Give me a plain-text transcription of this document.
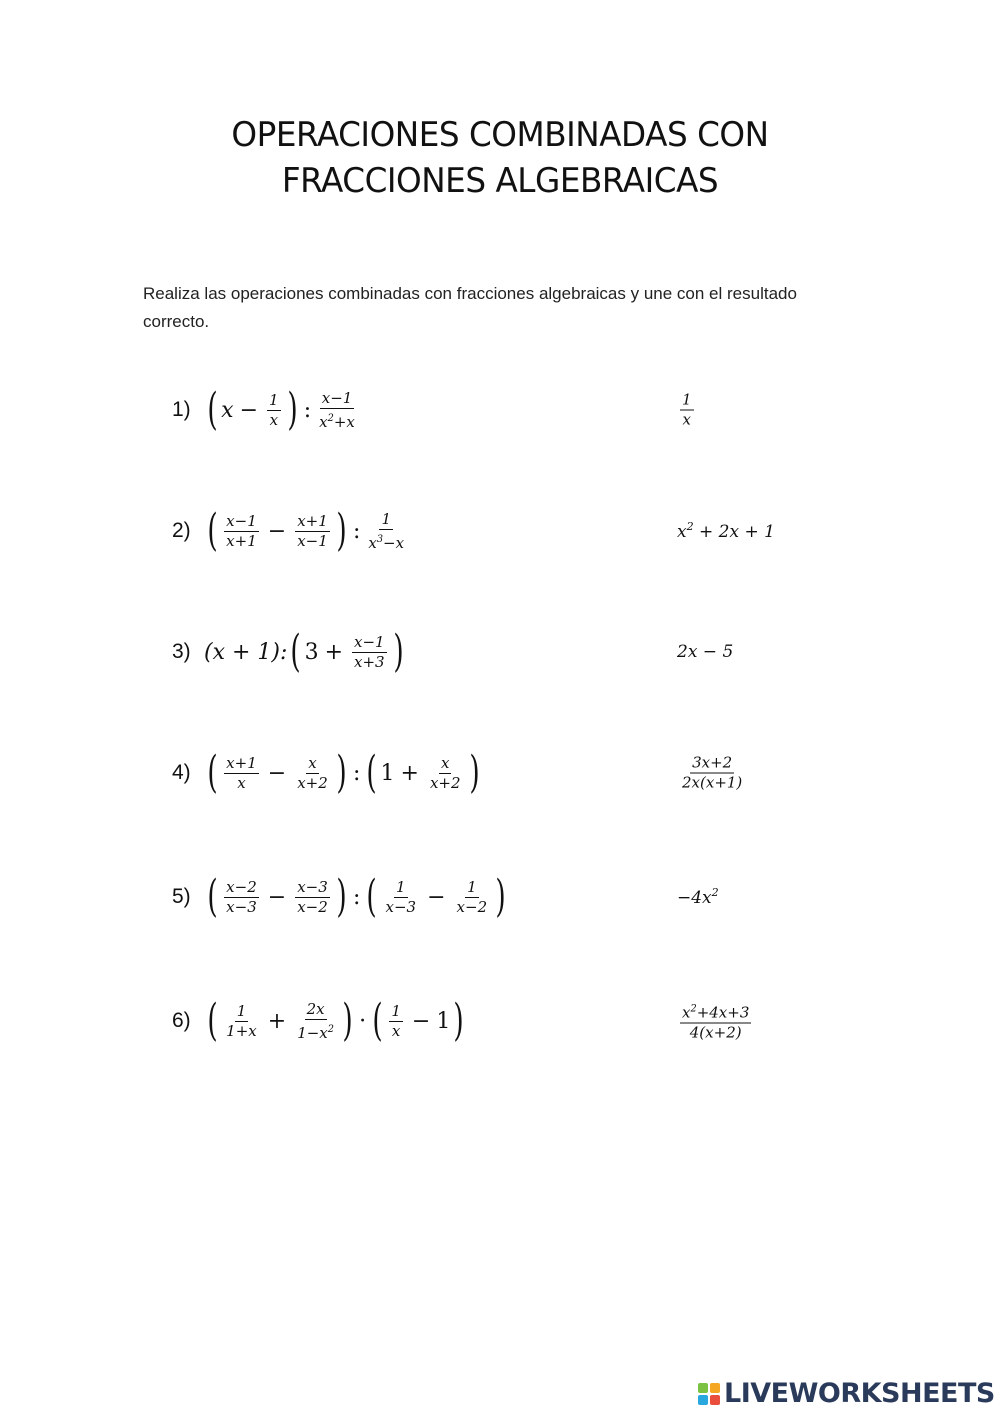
OPERACIONES COMBINADAS CON
FRACCIONES ALGEBRAICAS
Realiza las operaciones combinadas con fracciones algebraicas y une con el resultado correcto.
1) ( $x - \frac{1}{x}$ ) : $\frac{x-1}{x^2+x}$	$\frac{1}{x}$
2) ( $\frac{x-1}{x+1} - \frac{x+1}{x-1}$ ) : $\frac{1}{x^3-x}$	$x^2 + 2x + 1$
3) (x + 1): ( $3 + \frac{x-1}{x+3}$ )	2x − 5
4) ( $\frac{x+1}{x} - \frac{x}{x+2}$ ) : ( $1 + \frac{x}{x+2}$ )	$\frac{3x+2}{2x(x+1)}$
5) ( $\frac{x-2}{x-3} - \frac{x-3}{x-2}$ ) : ( $\frac{1}{x-3} - \frac{1}{x-2}$ )	$-4x^2$
6) ( $\frac{1}{1+x} + \frac{2x}{1-x^2}$ ) · ( $\frac{1}{x} - 1$ )	$\frac{x^2+4x+3}{4(x+2)}$
LIVEWORKSHEETS
